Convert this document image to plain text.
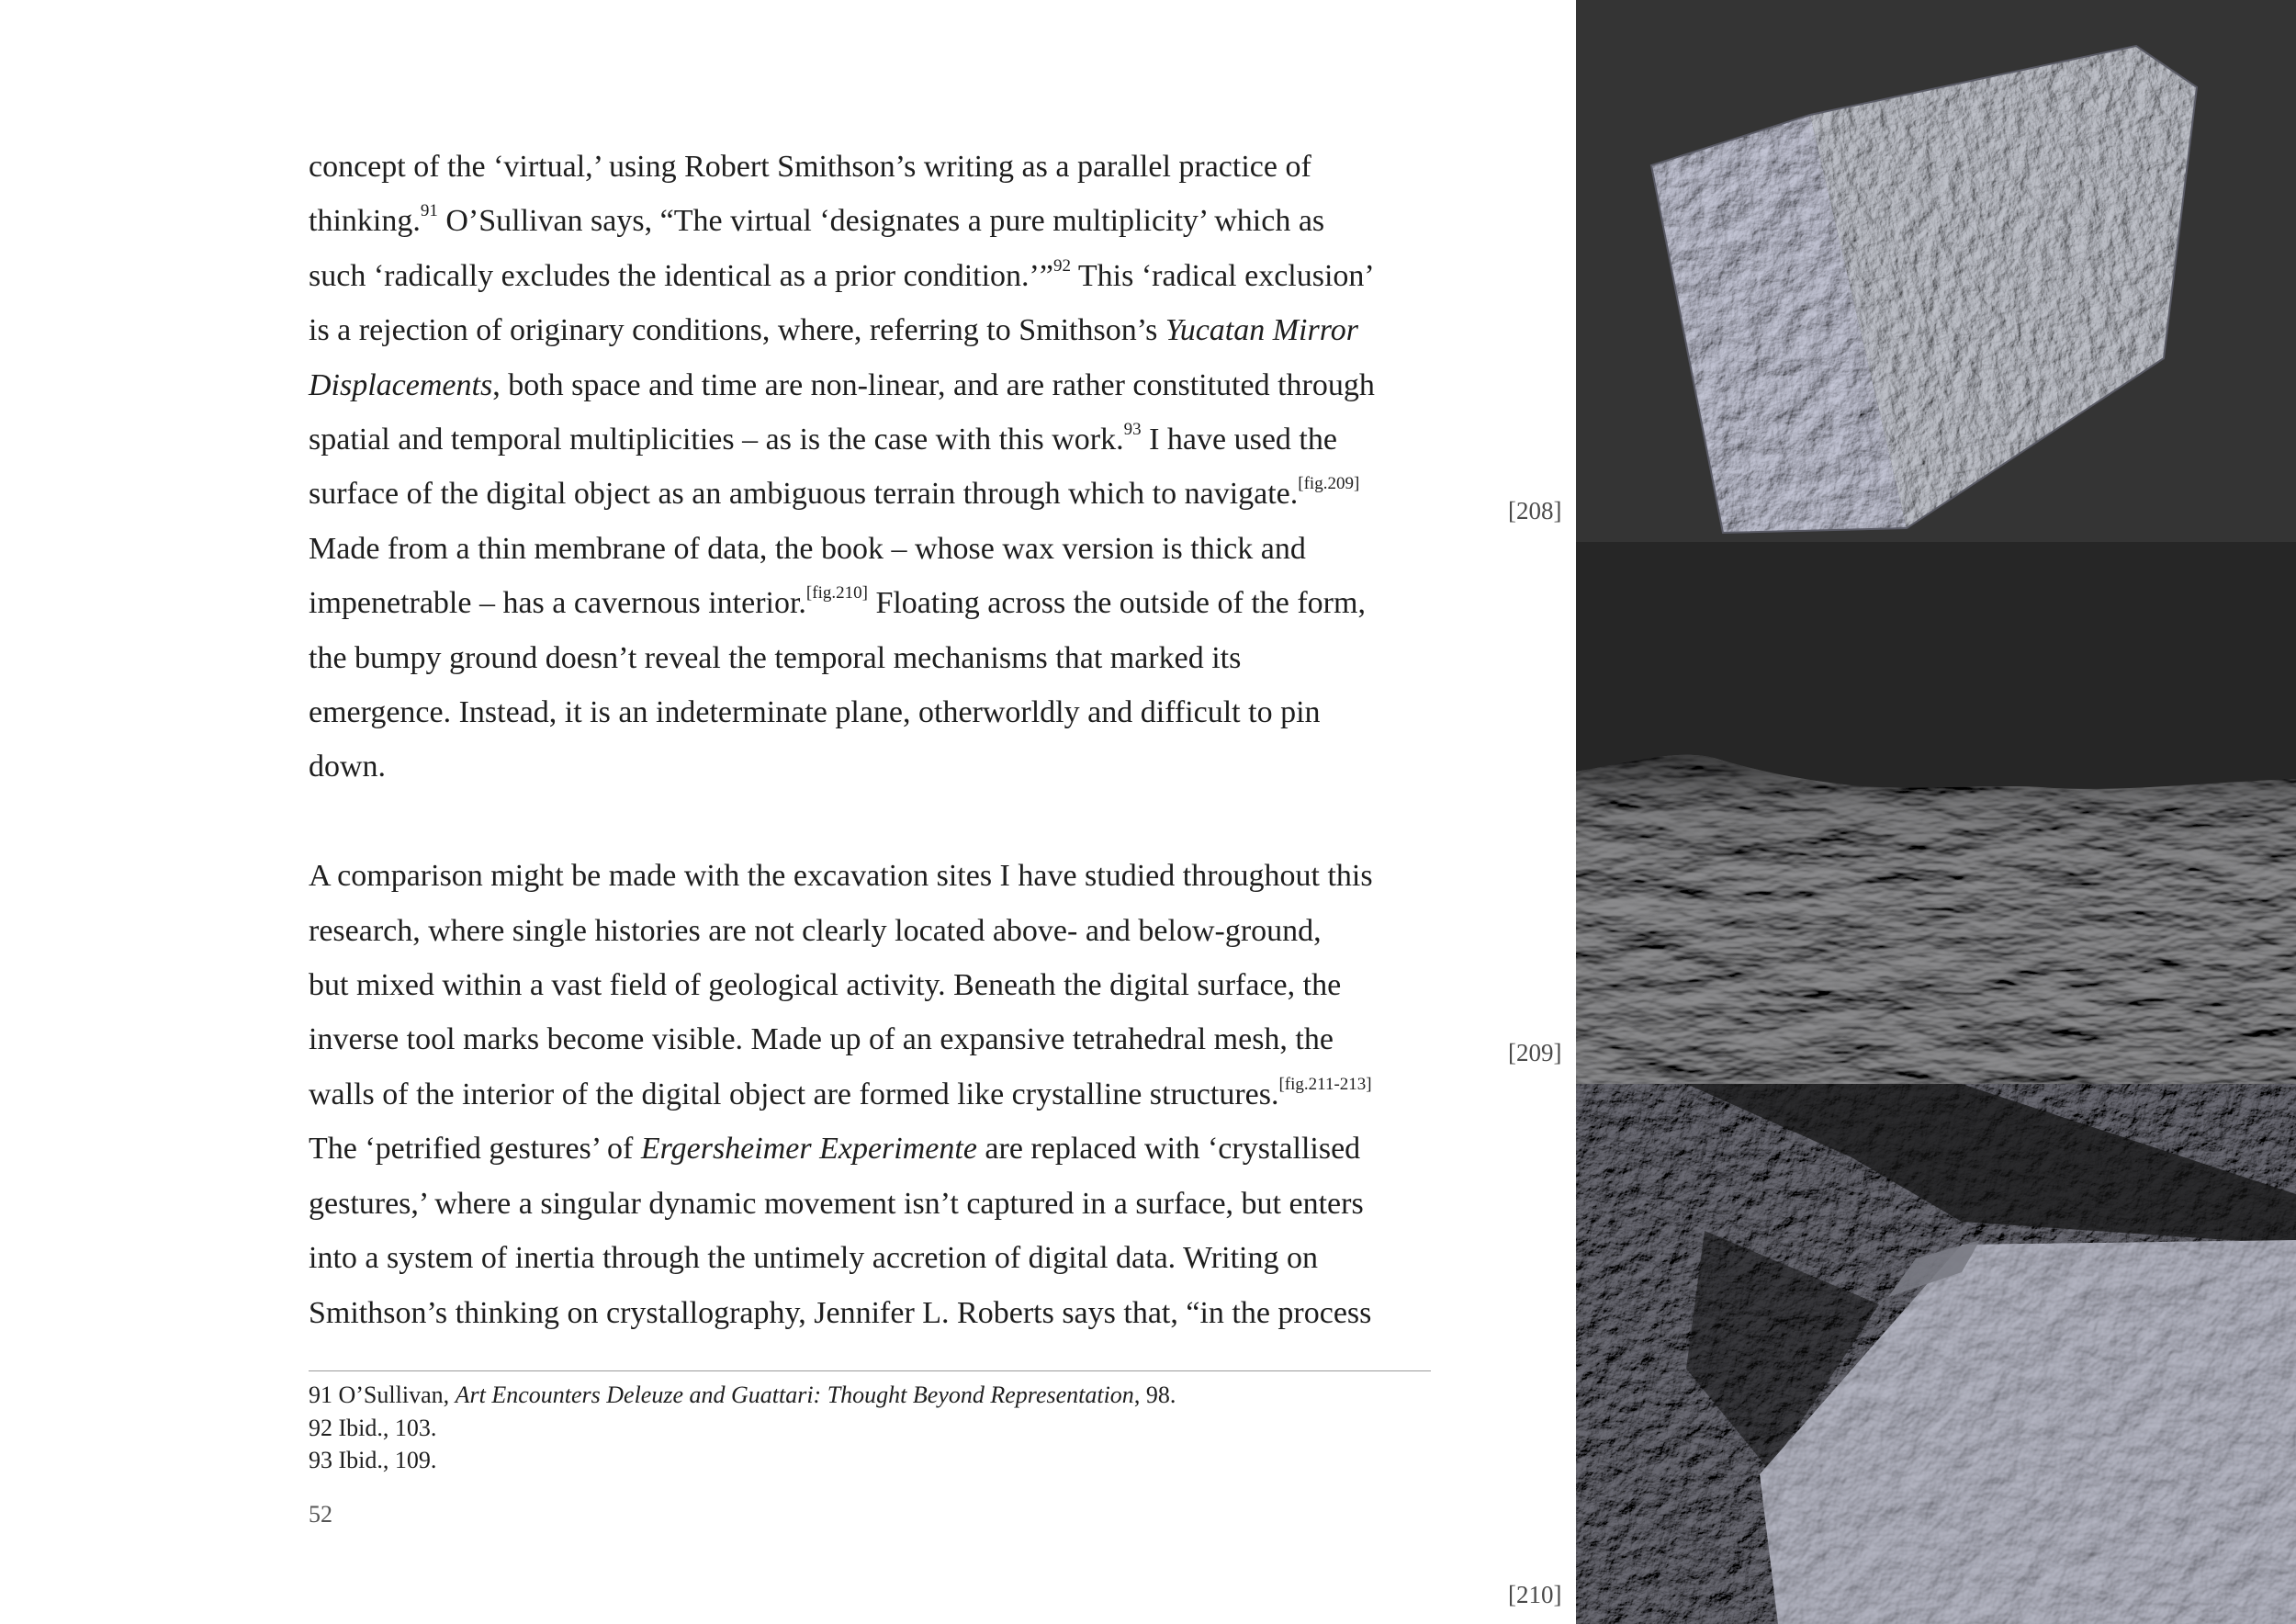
concept of the ‘virtual,’ using Robert Smithson’s writing as a parallel practice of

thinking.$^{91}$ O’Sullivan says, “The virtual ‘designates a pure multiplicity’ which as

such ‘radically excludes the identical as a prior condition.’”$^{92}$ This ‘radical exclusion’

is a rejection of originary conditions, where, referring to Smithson’s Yucatan Mirror

Displacements, both space and time are non-linear, and are rather constituted through

spatial and temporal multiplicities – as is the case with this work.$^{93}$ I have used the

surface of the digital object as an ambiguous terrain through which to navigate.[fig.209]

Made from a thin membrane of data, the book – whose wax version is thick and

impenetrable – has a cavernous interior.[fig.210] Floating across the outside of the form,

the bumpy ground doesn’t reveal the temporal mechanisms that marked its

emergence. Instead, it is an indeterminate plane, otherworldly and difficult to pin

down.

A comparison might be made with the excavation sites I have studied throughout this

research, where single histories are not clearly located above- and below-ground,

but mixed within a vast field of geological activity. Beneath the digital surface, the

inverse tool marks become visible. Made up of an expansive tetrahedral mesh, the

walls of the interior of the digital object are formed like crystalline structures.[fig.211-213]

The ‘petrified gestures’ of Ergersheimer Experimente are replaced with ‘crystallised

gestures,’ where a singular dynamic movement isn’t captured in a surface, but enters

into a system of inertia through the untimely accretion of digital data. Writing on

Smithson’s thinking on crystallography, Jennifer L. Roberts says that, “in the process

91 O’Sullivan, Art Encounters Deleuze and Guattari: Thought Beyond Representation, 98.

92 Ibid., 103.

93 Ibid., 109.

52
[208]
[209]
[210]
